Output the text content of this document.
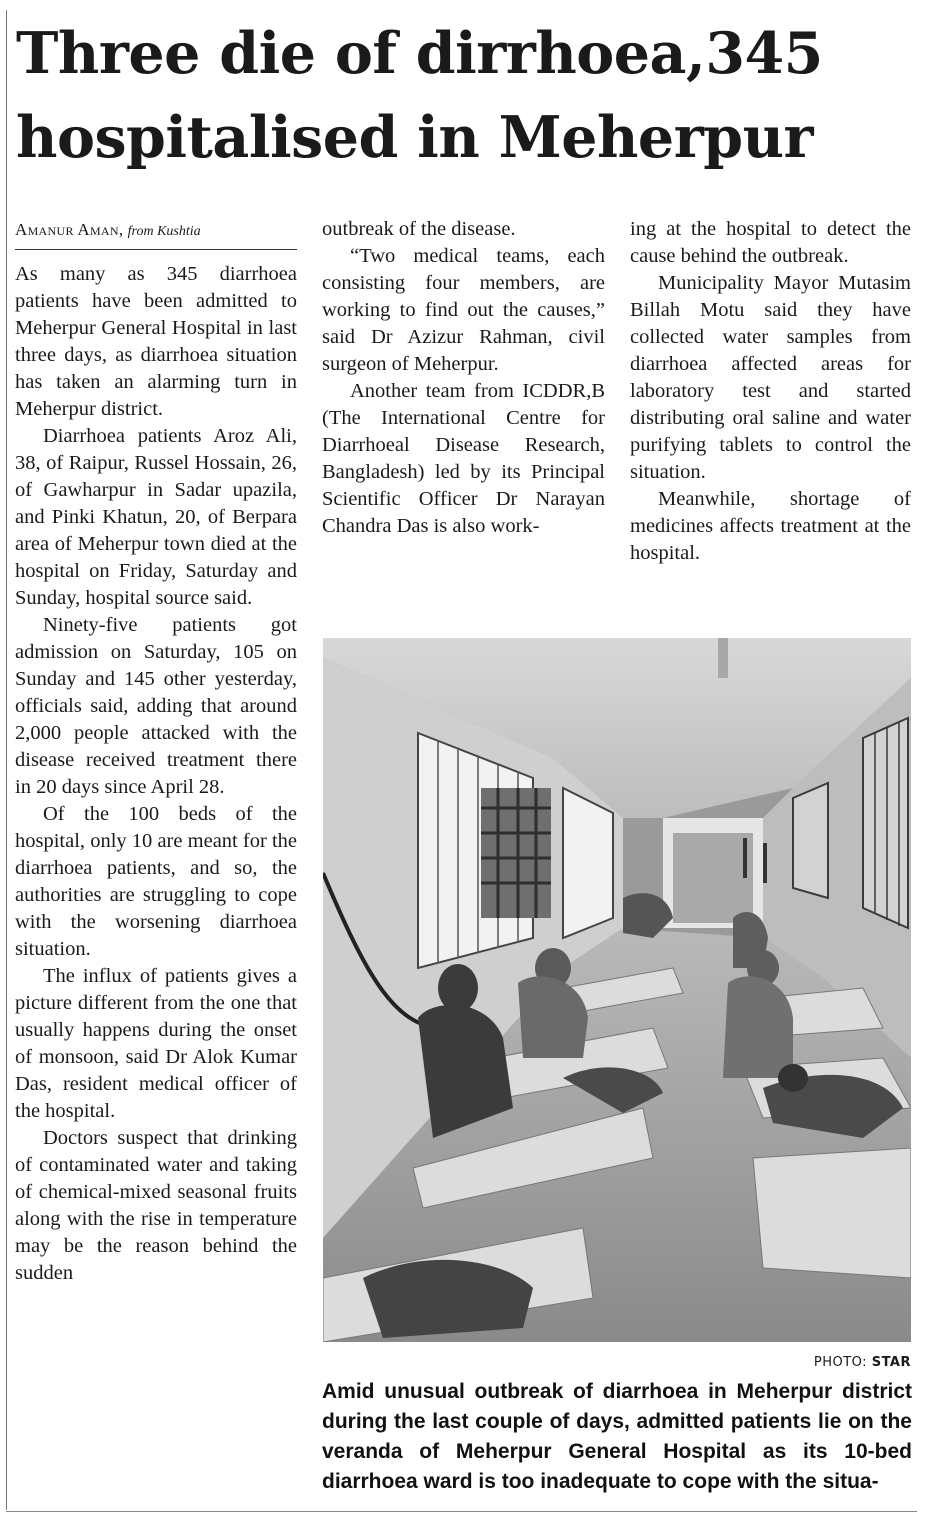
Three die of dirrhoea,345 hospitalised in Meherpur
Amanur Aman, from Kushtia

As many as 345 diarrhoea patients have been admitted to Meherpur General Hospital in last three days, as diarrhoea situation has taken an alarming turn in Meherpur district.

Diarrhoea patients Aroz Ali, 38, of Raipur, Russel Hossain, 26, of Gawharpur in Sadar upazila, and Pinki Khatun, 20, of Berpara area of Meherpur town died at the hospital on Friday, Saturday and Sunday, hospital source said.

Ninety-five patients got admission on Saturday, 105 on Sunday and 145 other yesterday, officials said, adding that around 2,000 people attacked with the disease received treatment there in 20 days since April 28.

Of the 100 beds of the hospital, only 10 are meant for the diarrhoea patients, and so, the authorities are struggling to cope with the worsening diarrhoea situation.

The influx of patients gives a picture different from the one that usually happens during the onset of monsoon, said Dr Alok Kumar Das, resident medical officer of the hospital.

Doctors suspect that drinking of contaminated water and taking of chemical-mixed seasonal fruits along with the rise in temperature may be the reason behind the sudden

outbreak of the disease.

“Two medical teams, each consisting four members, are working to find out the causes,” said Dr Azizur Rahman, civil surgeon of Meherpur.

Another team from ICDDR,B (The International Centre for Diarrhoeal Disease Research, Bangladesh) led by its Principal Scientific Officer Dr Narayan Chandra Das is also work-

ing at the hospital to detect the cause behind the outbreak.

Municipality Mayor Mutasim Billah Motu said they have collected water samples from diarrhoea affected areas for laboratory test and started distributing oral saline and water purifying tablets to control the situation.

Meanwhile, shortage of medicines affects treatment at the hospital.

PHOTO: STAR
Amid unusual outbreak of diarrhoea in Meherpur district during the last couple of days, admitted patients lie on the veranda of Meherpur General Hospital as its 10-bed diarrhoea ward is too inadequate to cope with the situa-
